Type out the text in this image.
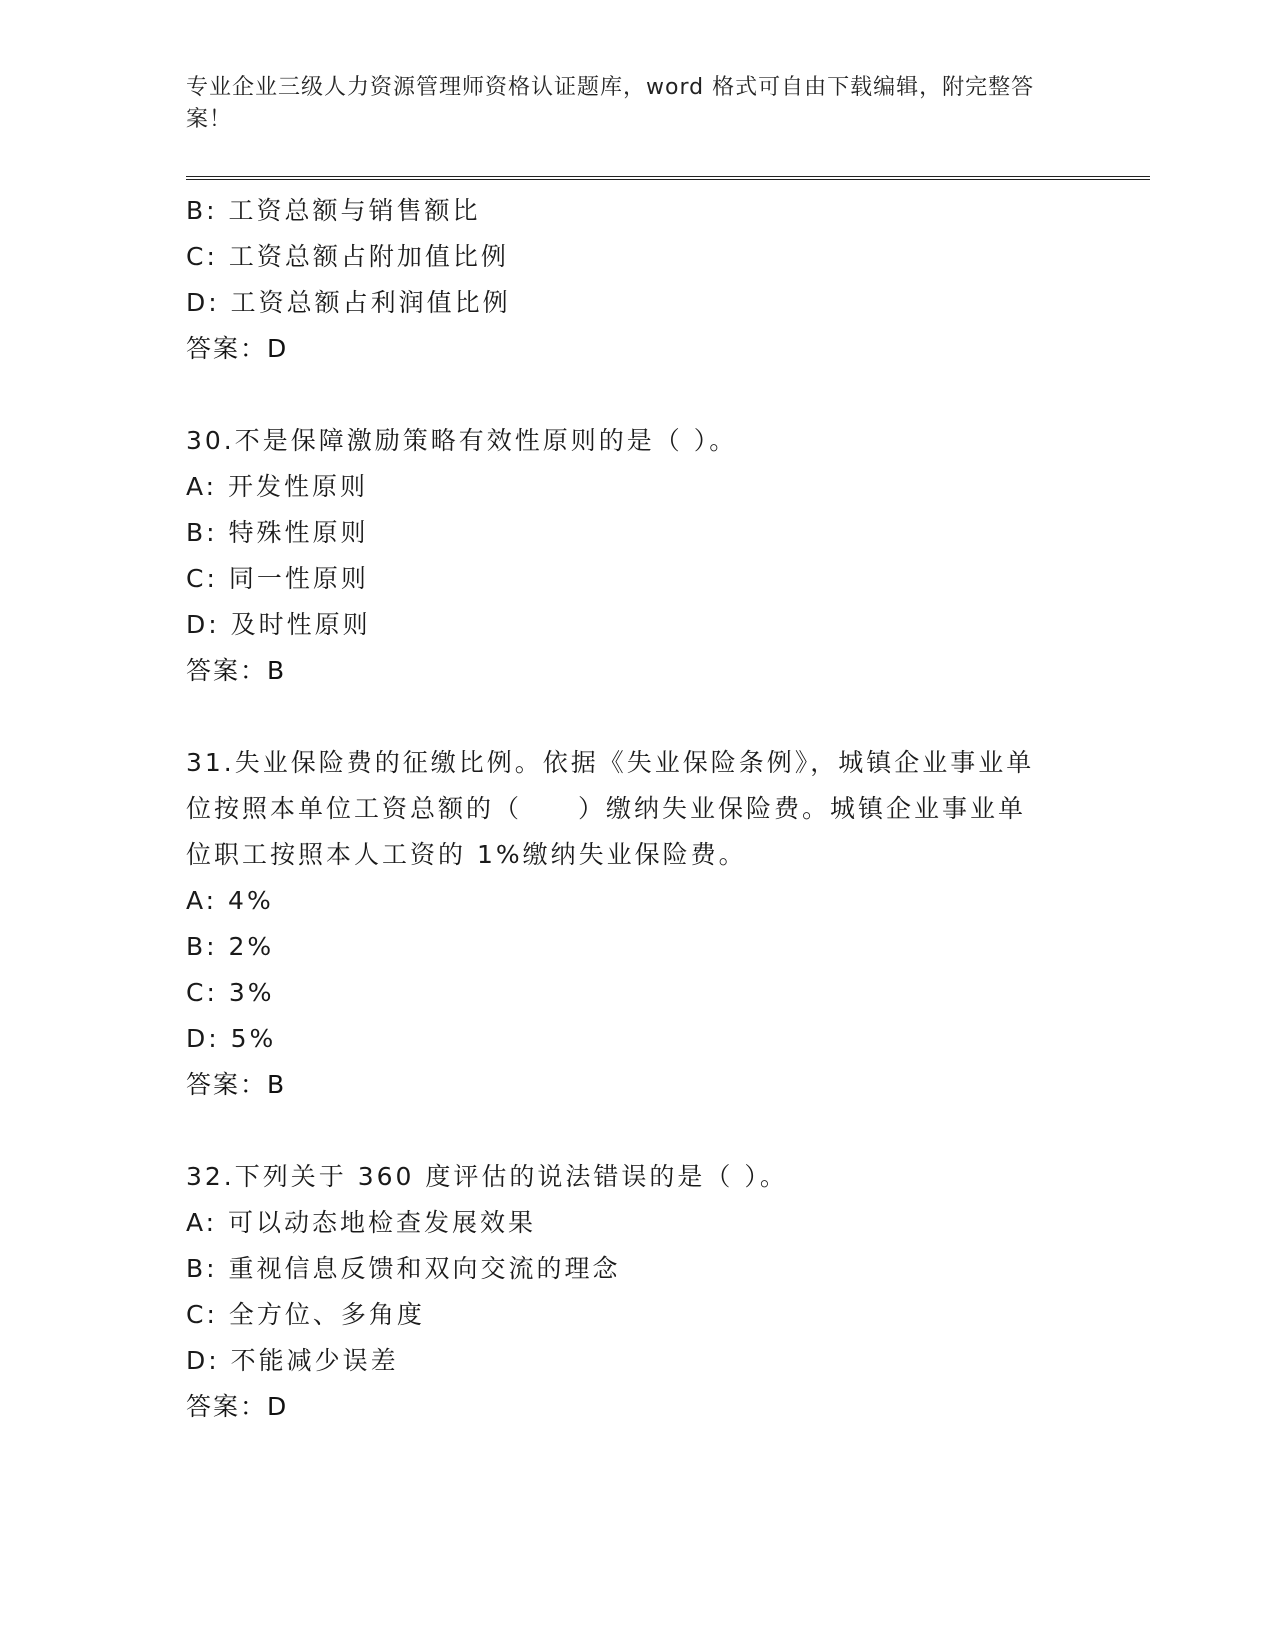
专业企业三级人力资源管理师资格认证题库，word 格式可自由下载编辑，附完整答案！
B: 工资总额与销售额比
C: 工资总额占附加值比例
D: 工资总额占利润值比例
答案：D
30.不是保障激励策略有效性原则的是（ ）。
A: 开发性原则
B: 特殊性原则
C: 同一性原则
D: 及时性原则
答案：B
31.失业保险费的征缴比例。依据《失业保险条例》，城镇企业事业单
位按照本单位工资总额的（　　）缴纳失业保险费。城镇企业事业单
位职工按照本人工资的 1%缴纳失业保险费。
A: 4%
B: 2%
C: 3%
D: 5%
答案：B
32.下列关于 360 度评估的说法错误的是（ ）。
A: 可以动态地检查发展效果
B: 重视信息反馈和双向交流的理念
C: 全方位、多角度
D: 不能减少误差
答案：D
